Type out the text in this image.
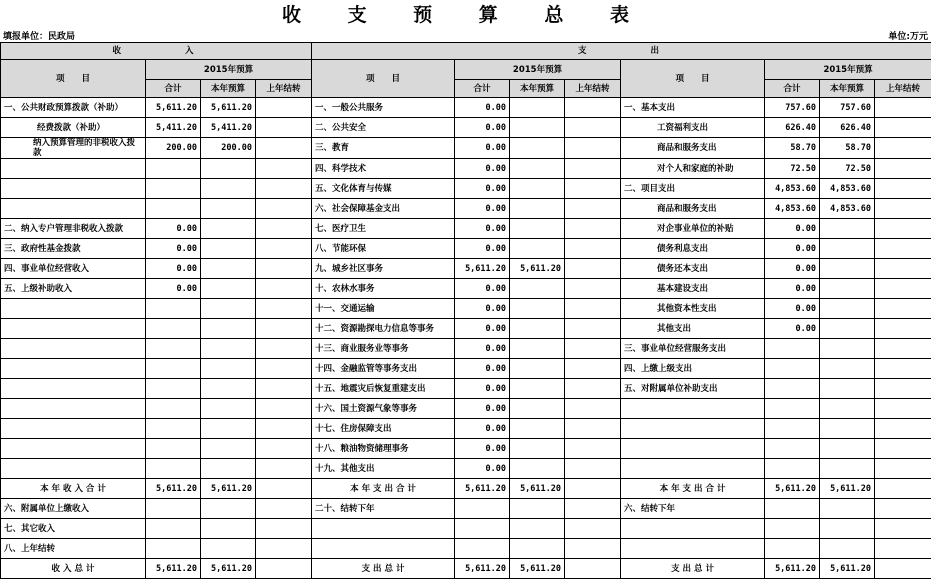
收 支 预 算 总 表
填报单位：民政局	单位:万元
收　　　　入				支　　　　出							
项　　目	2015年预算			项　　目	2015年预算			项　　目	2015年预算		
	合计	本年预算	上年结转		合计	本年预算	上年结转		合计	本年预算	上年结转
一、公共财政预算拨款（补助）	5,611.20	5,611.20		一、一般公共服务	0.00			一、基本支出	757.60	757.60	
经费拨款（补助）	5,411.20	5,411.20		二、公共安全	0.00			工资福利支出	626.40	626.40	
纳入预算管理的非税收入拨款	200.00	200.00		三、教育	0.00			商品和服务支出	58.70	58.70	
				四、科学技术	0.00			对个人和家庭的补助	72.50	72.50	
				五、文化体育与传媒	0.00			二、项目支出	4,853.60	4,853.60	
				六、社会保障基金支出	0.00			商品和服务支出	4,853.60	4,853.60	
二、纳入专户管理非税收入拨款	0.00			七、医疗卫生	0.00			对企事业单位的补贴	0.00		
三、政府性基金拨款	0.00			八、节能环保	0.00			债务利息支出	0.00		
四、事业单位经营收入	0.00			九、城乡社区事务	5,611.20	5,611.20		债务还本支出	0.00		
五、上级补助收入	0.00			十、农林水事务	0.00			基本建设支出	0.00		
				十一、交通运输	0.00			其他资本性支出	0.00		
				十二、资源勘探电力信息等事务	0.00			其他支出	0.00		
				十三、商业服务业等事务	0.00			三、事业单位经营服务支出			
				十四、金融监管等事务支出	0.00			四、上缴上级支出			
				十五、地震灾后恢复重建支出	0.00			五、对附属单位补助支出			
				十六、国土资源气象等事务	0.00						
				十七、住房保障支出	0.00						
				十八、粮油物资储理事务	0.00						
				十九、其他支出	0.00						
本 年 收 入 合 计	5,611.20	5,611.20		本 年 支 出 合 计	5,611.20	5,611.20		本 年 支 出 合 计	5,611.20	5,611.20	
六、附属单位上缴收入				二十、结转下年				六、结转下年			
七、其它收入											
八、上年结转											
收 入 总 计	5,611.20	5,611.20		支 出 总 计	5,611.20	5,611.20		支 出 总 计	5,611.20	5,611.20	
